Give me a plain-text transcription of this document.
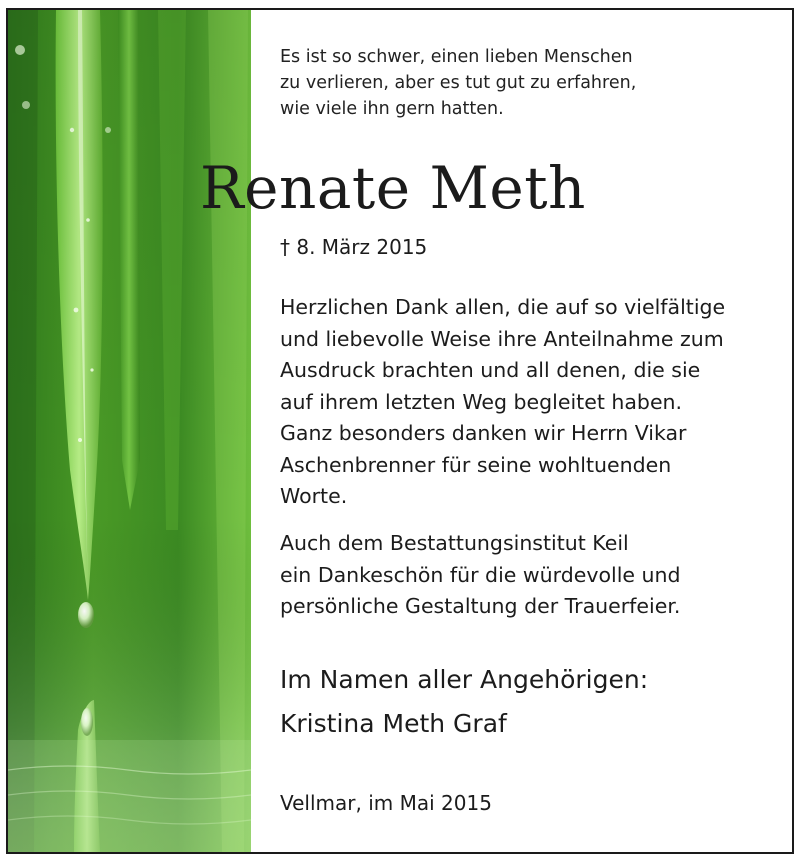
Es ist so schwer, einen lieben Menschen
zu verlieren, aber es tut gut zu erfahren,
wie viele ihn gern hatten.
Renate Meth
† 8. März 2015
Herzlichen Dank allen, die auf so vielfältige
und liebevolle Weise ihre Anteilnahme zum
Ausdruck brachten und all denen, die sie
auf ihrem letzten Weg begleitet haben.
Ganz besonders danken wir Herrn Vikar
Aschenbrenner für seine wohltuenden
Worte.
Auch dem Bestattungsinstitut Keil
ein Dankeschön für die würdevolle und
persönliche Gestaltung der Trauerfeier.
Im Namen aller Angehörigen:
Kristina Meth Graf
Vellmar, im Mai 2015
